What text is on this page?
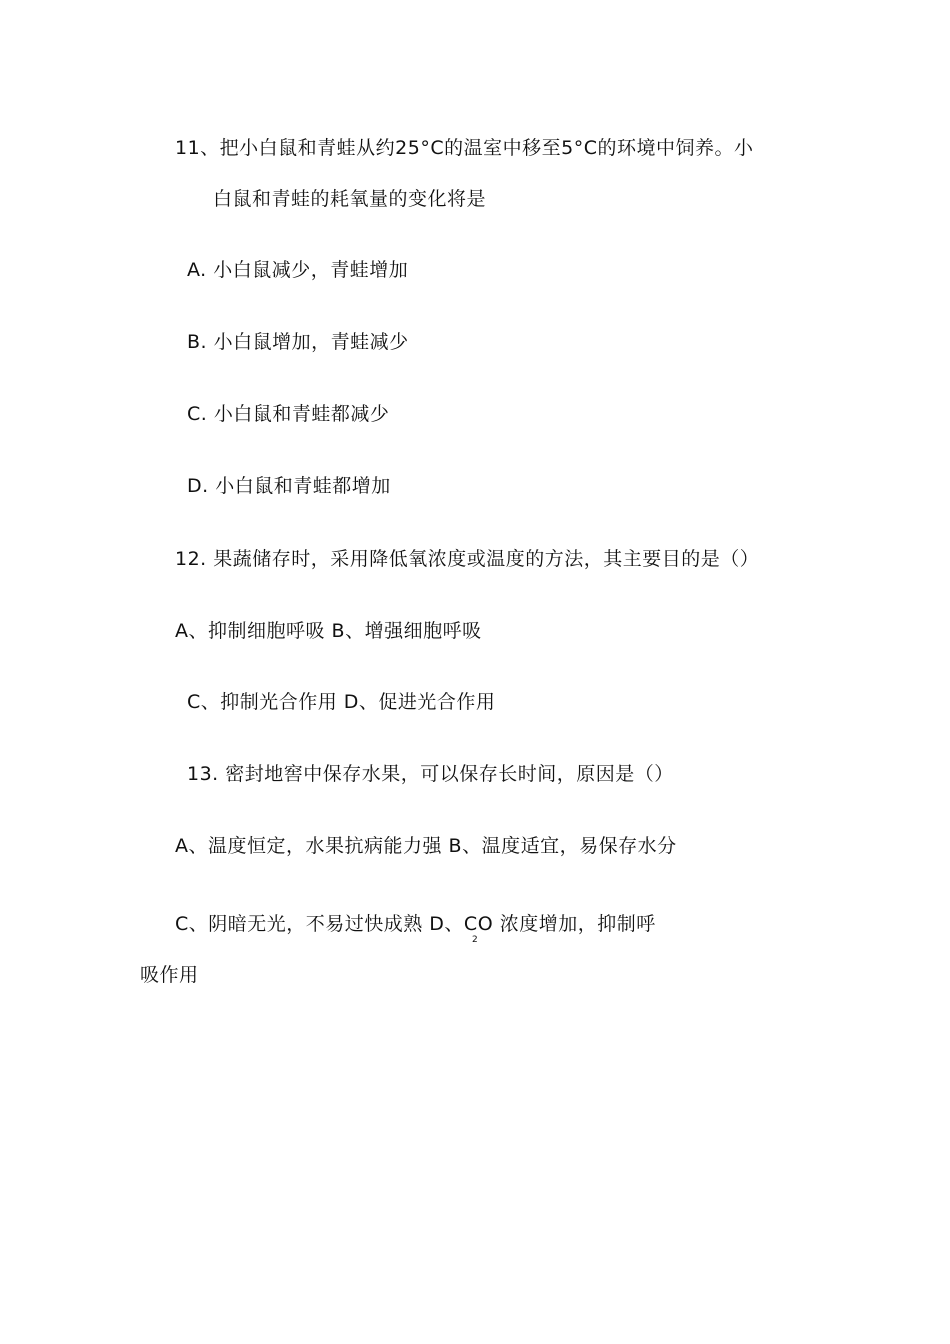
11、把小白鼠和青蛙从约25°C的温室中移至5°C的环境中饲养。小
白鼠和青蛙的耗氧量的变化将是
A. 小白鼠减少，青蛙增加
B. 小白鼠增加，青蛙减少
C. 小白鼠和青蛙都减少
D. 小白鼠和青蛙都增加
12. 果蔬储存时，采用降低氧浓度或温度的方法，其主要目的是（）
A、抑制细胞呼吸 B、增强细胞呼吸
C、抑制光合作用 D、促进光合作用
13. 密封地窖中保存水果，可以保存长时间，原因是（）
A、温度恒定，水果抗病能力强 B、温度适宜，易保存水分
C、阴暗无光，不易过快成熟 D、CO 浓度增加，抑制呼
2
吸作用
